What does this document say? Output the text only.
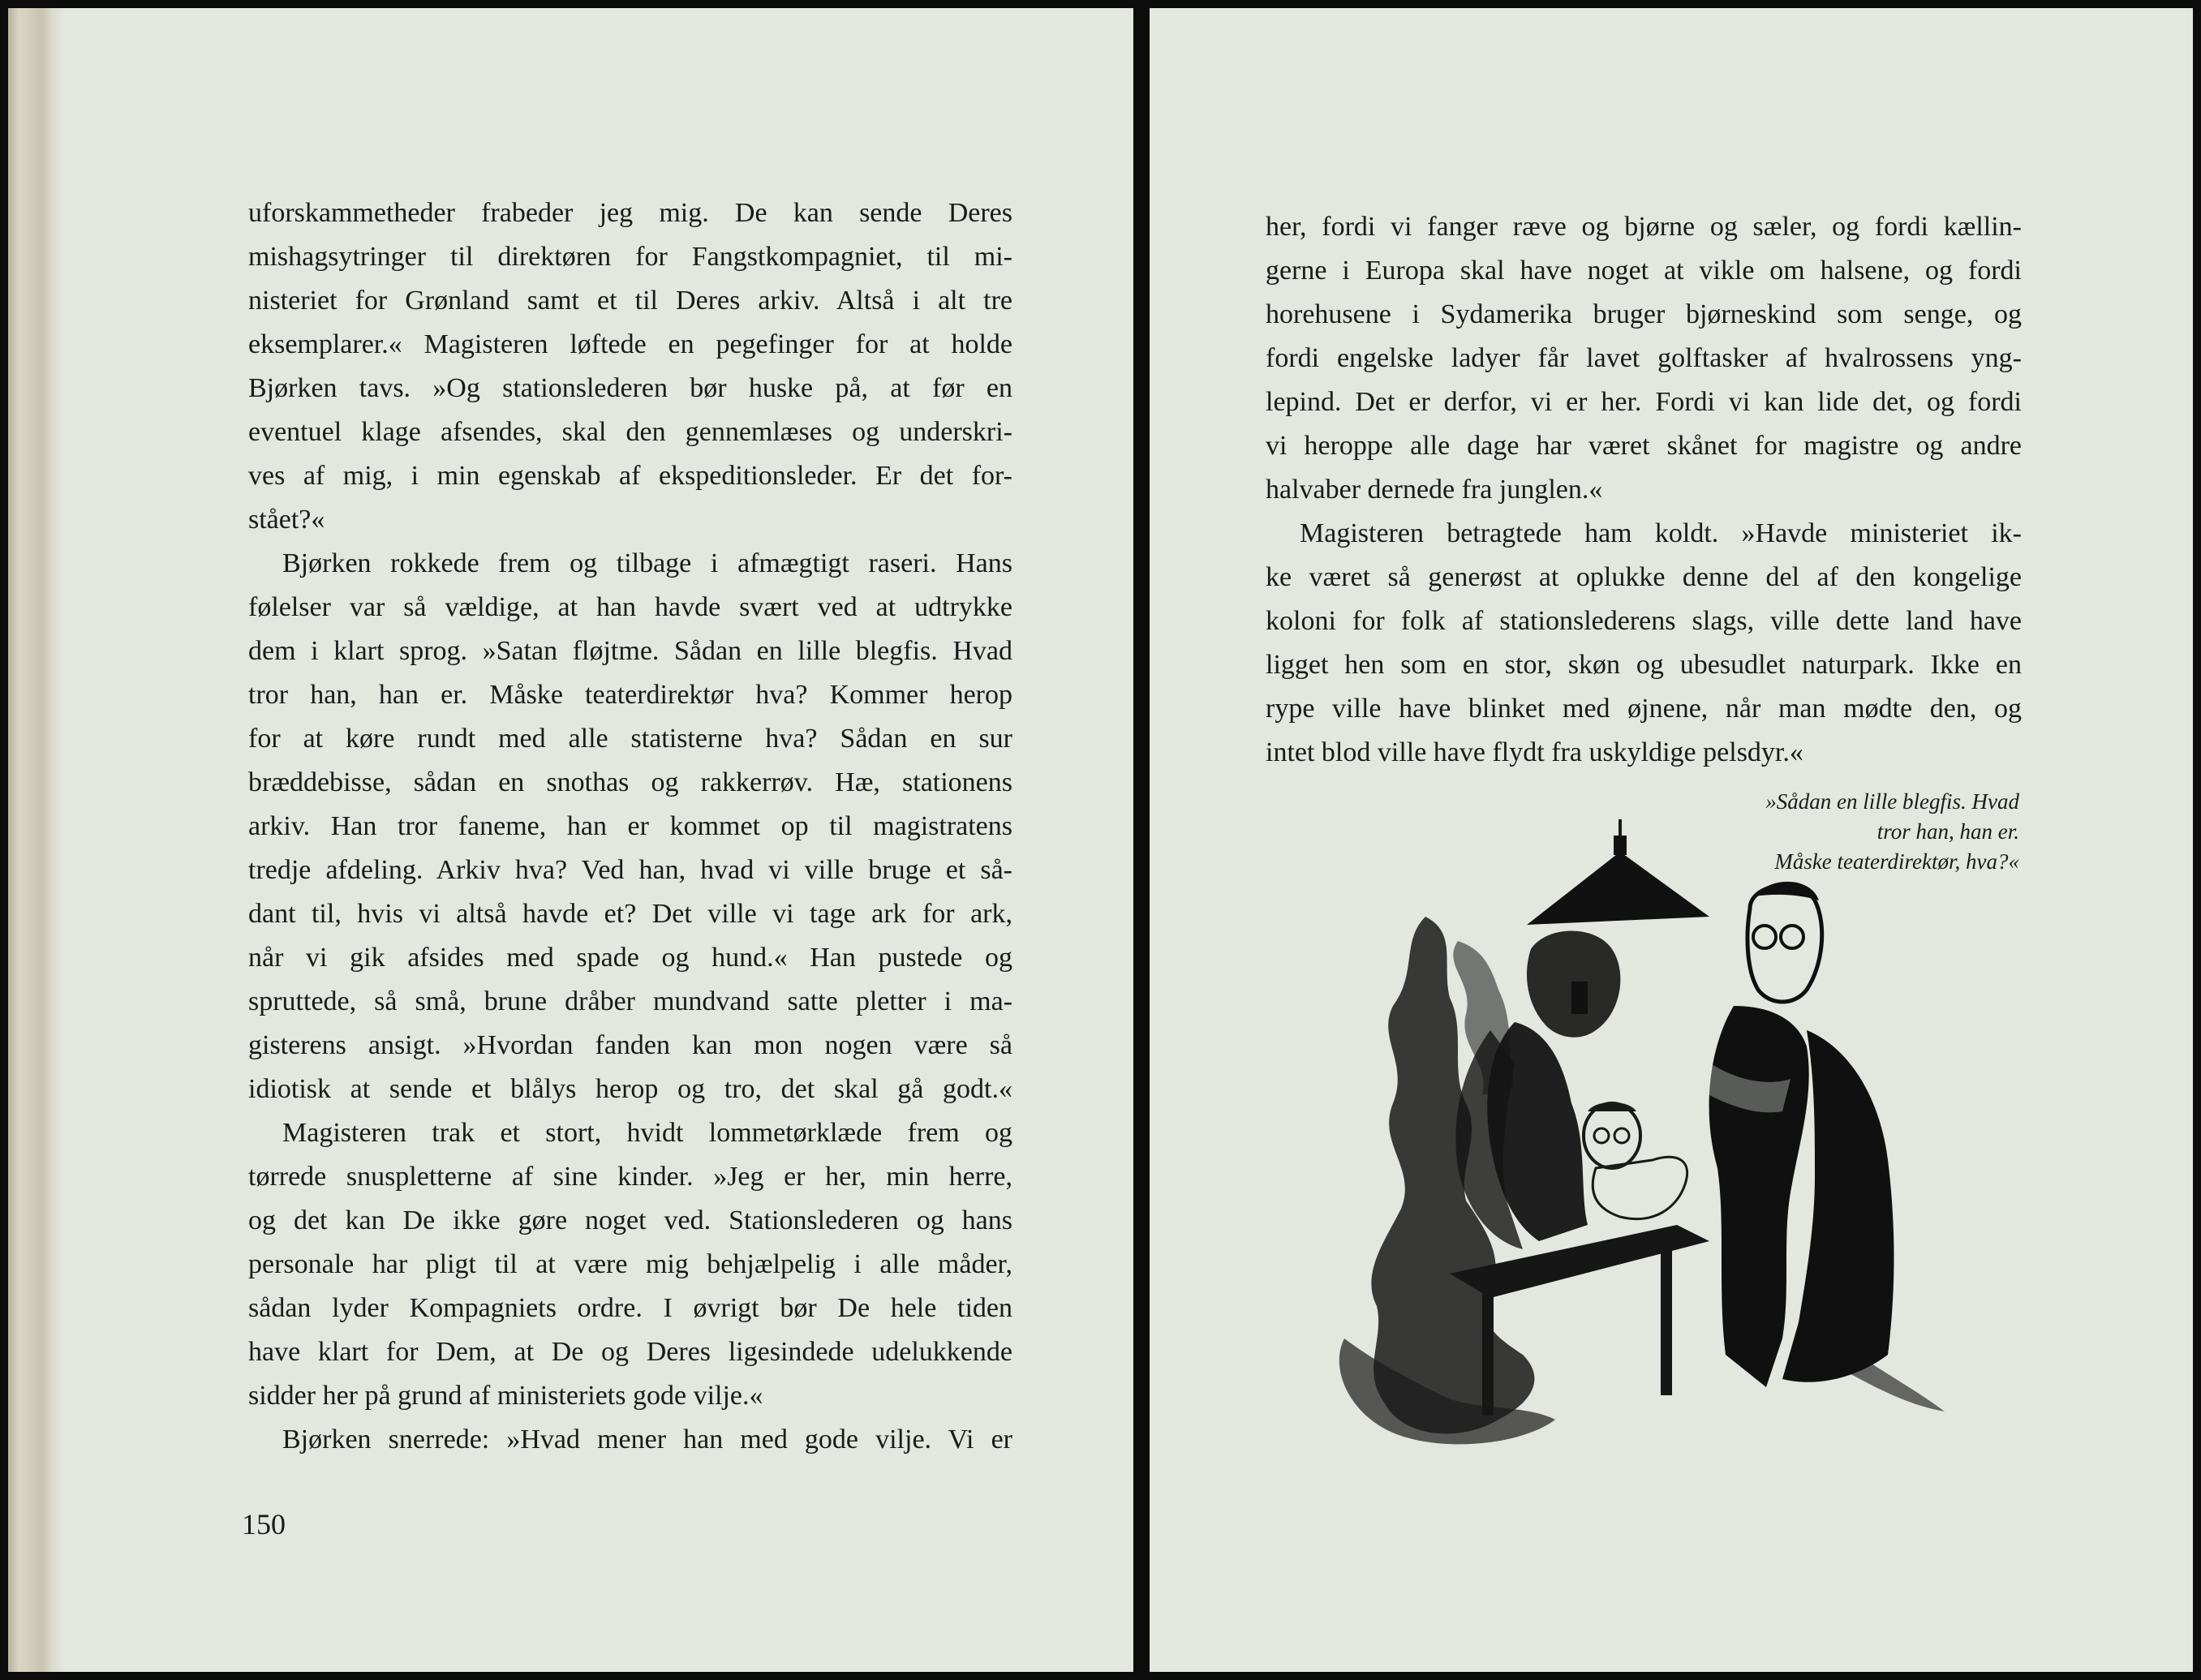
uforskammetheder frabeder jeg mig. De kan sende Deres
mishagsytringer til direktøren for Fangstkompagniet, til mi-
nisteriet for Grønland samt et til Deres arkiv. Altså i alt tre
eksemplarer.« Magisteren løftede en pegefinger for at holde
Bjørken tavs. »Og stationslederen bør huske på, at før en
eventuel klage afsendes, skal den gennemlæses og underskri-
ves af mig, i min egenskab af ekspeditionsleder. Er det for-
stået?«
Bjørken rokkede frem og tilbage i afmægtigt raseri. Hans
følelser var så vældige, at han havde svært ved at udtrykke
dem i klart sprog. »Satan fløjtme. Sådan en lille blegfis. Hvad
tror han, han er. Måske teaterdirektør hva? Kommer herop
for at køre rundt med alle statisterne hva? Sådan en sur
bræddebisse, sådan en snothas og rakkerrøv. Hæ, stationens
arkiv. Han tror faneme, han er kommet op til magistratens
tredje afdeling. Arkiv hva? Ved han, hvad vi ville bruge et så-
dant til, hvis vi altså havde et? Det ville vi tage ark for ark,
når vi gik afsides med spade og hund.« Han pustede og
spruttede, så små, brune dråber mundvand satte pletter i ma-
gisterens ansigt. »Hvordan fanden kan mon nogen være så
idiotisk at sende et blålys herop og tro, det skal gå godt.«
Magisteren trak et stort, hvidt lommetørklæde frem og
tørrede snuspletterne af sine kinder. »Jeg er her, min herre,
og det kan De ikke gøre noget ved. Stationslederen og hans
personale har pligt til at være mig behjælpelig i alle måder,
sådan lyder Kompagniets ordre. I øvrigt bør De hele tiden
have klart for Dem, at De og Deres ligesindede udelukkende
sidder her på grund af ministeriets gode vilje.«
Bjørken snerrede: »Hvad mener han med gode vilje. Vi er

150

her, fordi vi fanger ræve og bjørne og sæler, og fordi kællin-
gerne i Europa skal have noget at vikle om halsene, og fordi
horehusene i Sydamerika bruger bjørneskind som senge, og
fordi engelske ladyer får lavet golftasker af hvalrossens yng-
lepind. Det er derfor, vi er her. Fordi vi kan lide det, og fordi
vi heroppe alle dage har været skånet for magistre og andre
halvaber dernede fra junglen.«
Magisteren betragtede ham koldt. »Havde ministeriet ik-
ke været så generøst at oplukke denne del af den kongelige
koloni for folk af stationslederens slags, ville dette land have
ligget hen som en stor, skøn og ubesudlet naturpark. Ikke en
rype ville have blinket med øjnene, når man mødte den, og
intet blod ville have flydt fra uskyldige pelsdyr.«
»Sådan en lille blegfis. Hvad
tror han, han er.
Måske teaterdirektør, hva?«
